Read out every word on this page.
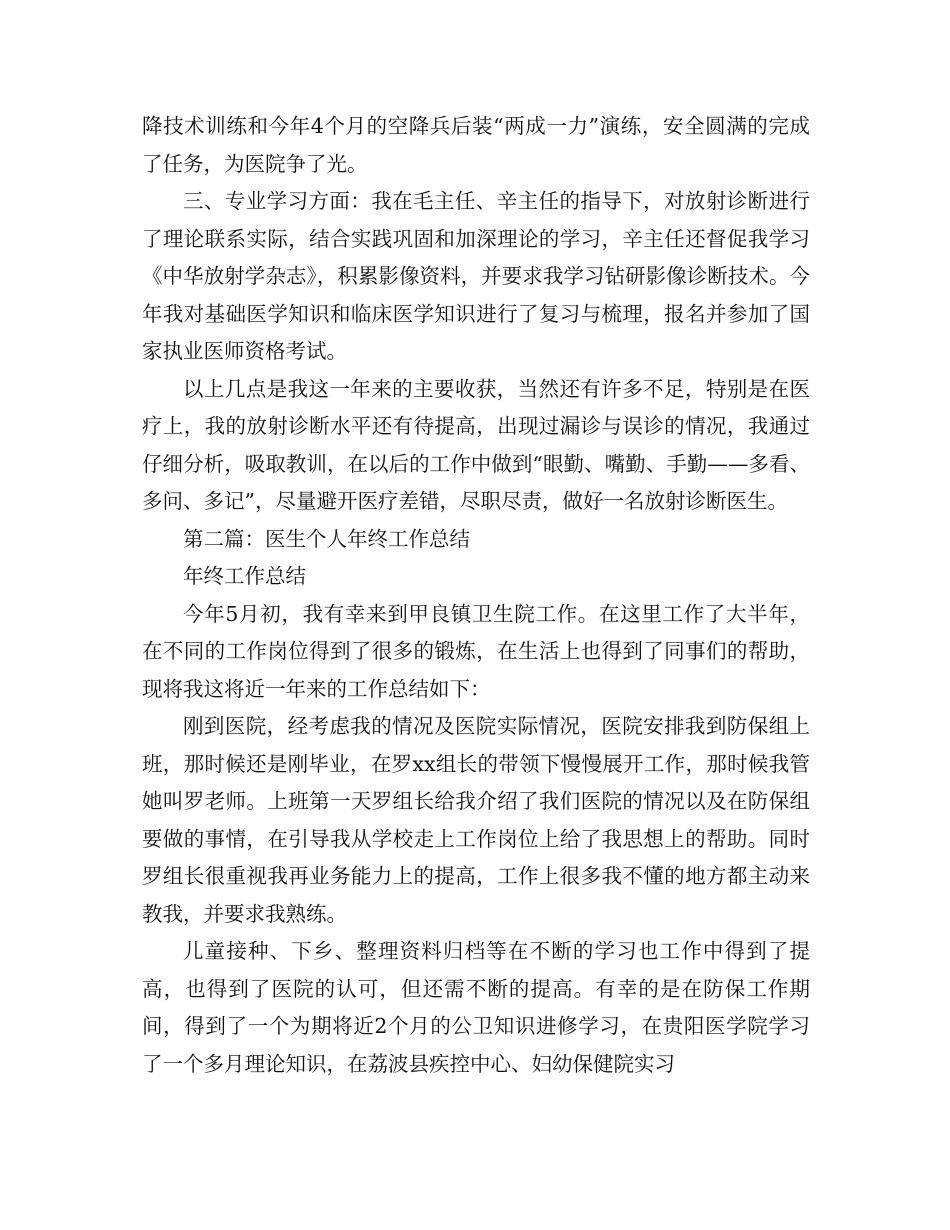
降技术训练和今年4个月的空降兵后装“两成一力”演练，安全圆满的完成了任务，为医院争了光。

三、专业学习方面：我在毛主任、辛主任的指导下，对放射诊断进行了理论联系实际，结合实践巩固和加深理论的学习，辛主任还督促我学习《中华放射学杂志》，积累影像资料，并要求我学习钻研影像诊断技术。今年我对基础医学知识和临床医学知识进行了复习与梳理，报名并参加了国家执业医师资格考试。

以上几点是我这一年来的主要收获，当然还有许多不足，特别是在医疗上，我的放射诊断水平还有待提高，出现过漏诊与误诊的情况，我通过仔细分析，吸取教训，在以后的工作中做到“眼勤、嘴勤、手勤——多看、多问、多记”，尽量避开医疗差错，尽职尽责，做好一名放射诊断医生。

第二篇：医生个人年终工作总结

年终工作总结

今年5月初，我有幸来到甲良镇卫生院工作。在这里工作了大半年，在不同的工作岗位得到了很多的锻炼，在生活上也得到了同事们的帮助，现将我这将近一年来的工作总结如下：

刚到医院，经考虑我的情况及医院实际情况，医院安排我到防保组上班，那时候还是刚毕业，在罗xx组长的带领下慢慢展开工作，那时候我管她叫罗老师。上班第一天罗组长给我介绍了我们医院的情况以及在防保组要做的事情，在引导我从学校走上工作岗位上给了我思想上的帮助。同时罗组长很重视我再业务能力上的提高，工作上很多我不懂的地方都主动来教我，并要求我熟练。

儿童接种、下乡、整理资料归档等在不断的学习也工作中得到了提高，也得到了医院的认可，但还需不断的提高。有幸的是在防保工作期间，得到了一个为期将近2个月的公卫知识进修学习，在贵阳医学院学习了一个多月理论知识，在荔波县疾控中心、妇幼保健院实习
